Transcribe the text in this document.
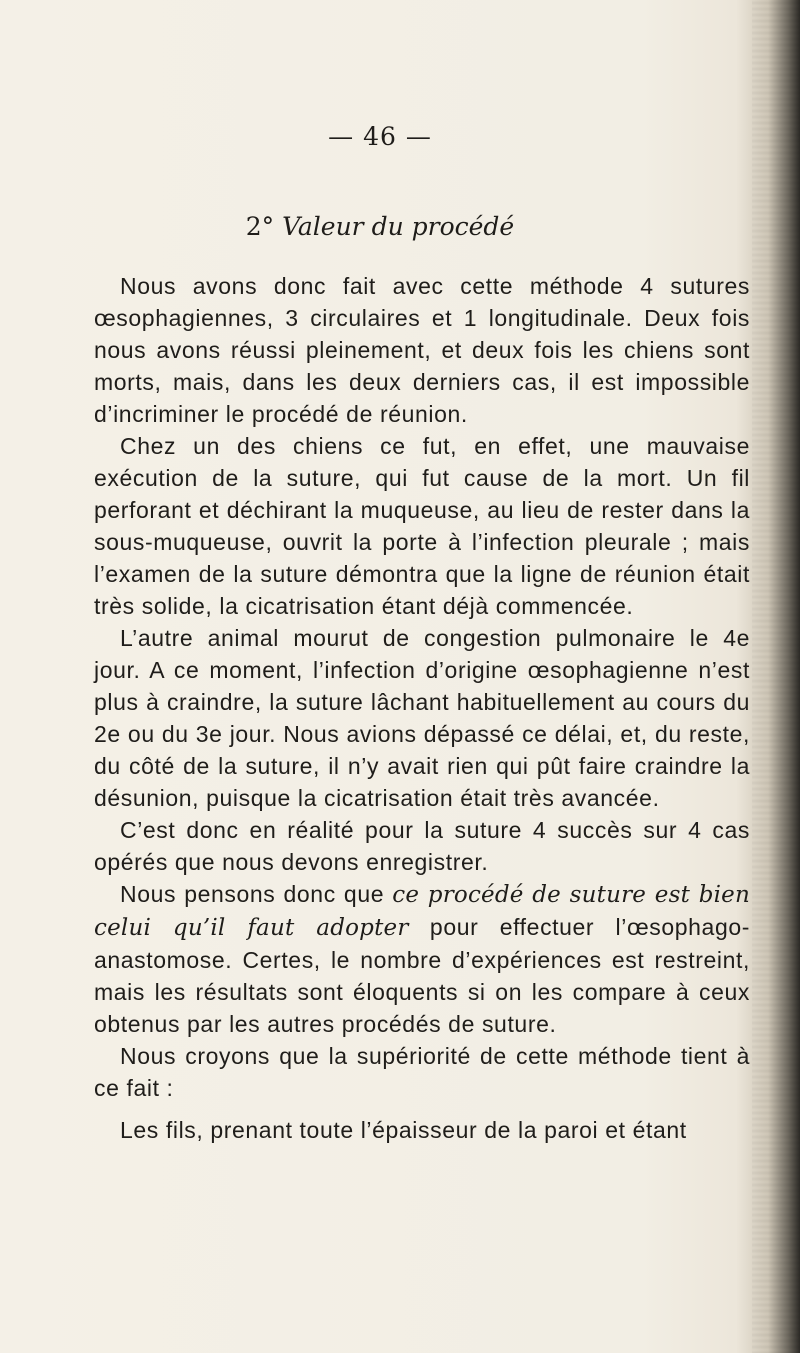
— 46 —
2° Valeur du procédé

Nous avons donc fait avec cette méthode 4 sutures œsophagiennes, 3 circulaires et 1 longitudinale. Deux fois nous avons réussi pleinement, et deux fois les chiens sont morts, mais, dans les deux derniers cas, il est impossible d’incriminer le procédé de réunion.

Chez un des chiens ce fut, en effet, une mauvaise exécution de la suture, qui fut cause de la mort. Un fil perforant et déchirant la muqueuse, au lieu de rester dans la sous-muqueuse, ouvrit la porte à l’infection pleurale ; mais l’examen de la suture démontra que la ligne de réunion était très solide, la cicatrisation étant déjà commencée.

L’autre animal mourut de congestion pulmonaire le 4e jour. A ce moment, l’infection d’origine œsophagienne n’est plus à craindre, la suture lâchant habituellement au cours du 2e ou du 3e jour. Nous avions dépassé ce délai, et, du reste, du côté de la suture, il n’y avait rien qui pût faire craindre la désunion, puisque la cicatrisation était très avancée.

C’est donc en réalité pour la suture 4 succès sur 4 cas opérés que nous devons enregistrer.

Nous pensons donc que ce procédé de suture est bien celui qu’il faut adopter pour effectuer l’œsophago-anastomose. Certes, le nombre d’expériences est restreint, mais les résultats sont éloquents si on les compare à ceux obtenus par les autres procédés de suture.

Nous croyons que la supériorité de cette méthode tient à ce fait :

Les fils, prenant toute l’épaisseur de la paroi et étant
